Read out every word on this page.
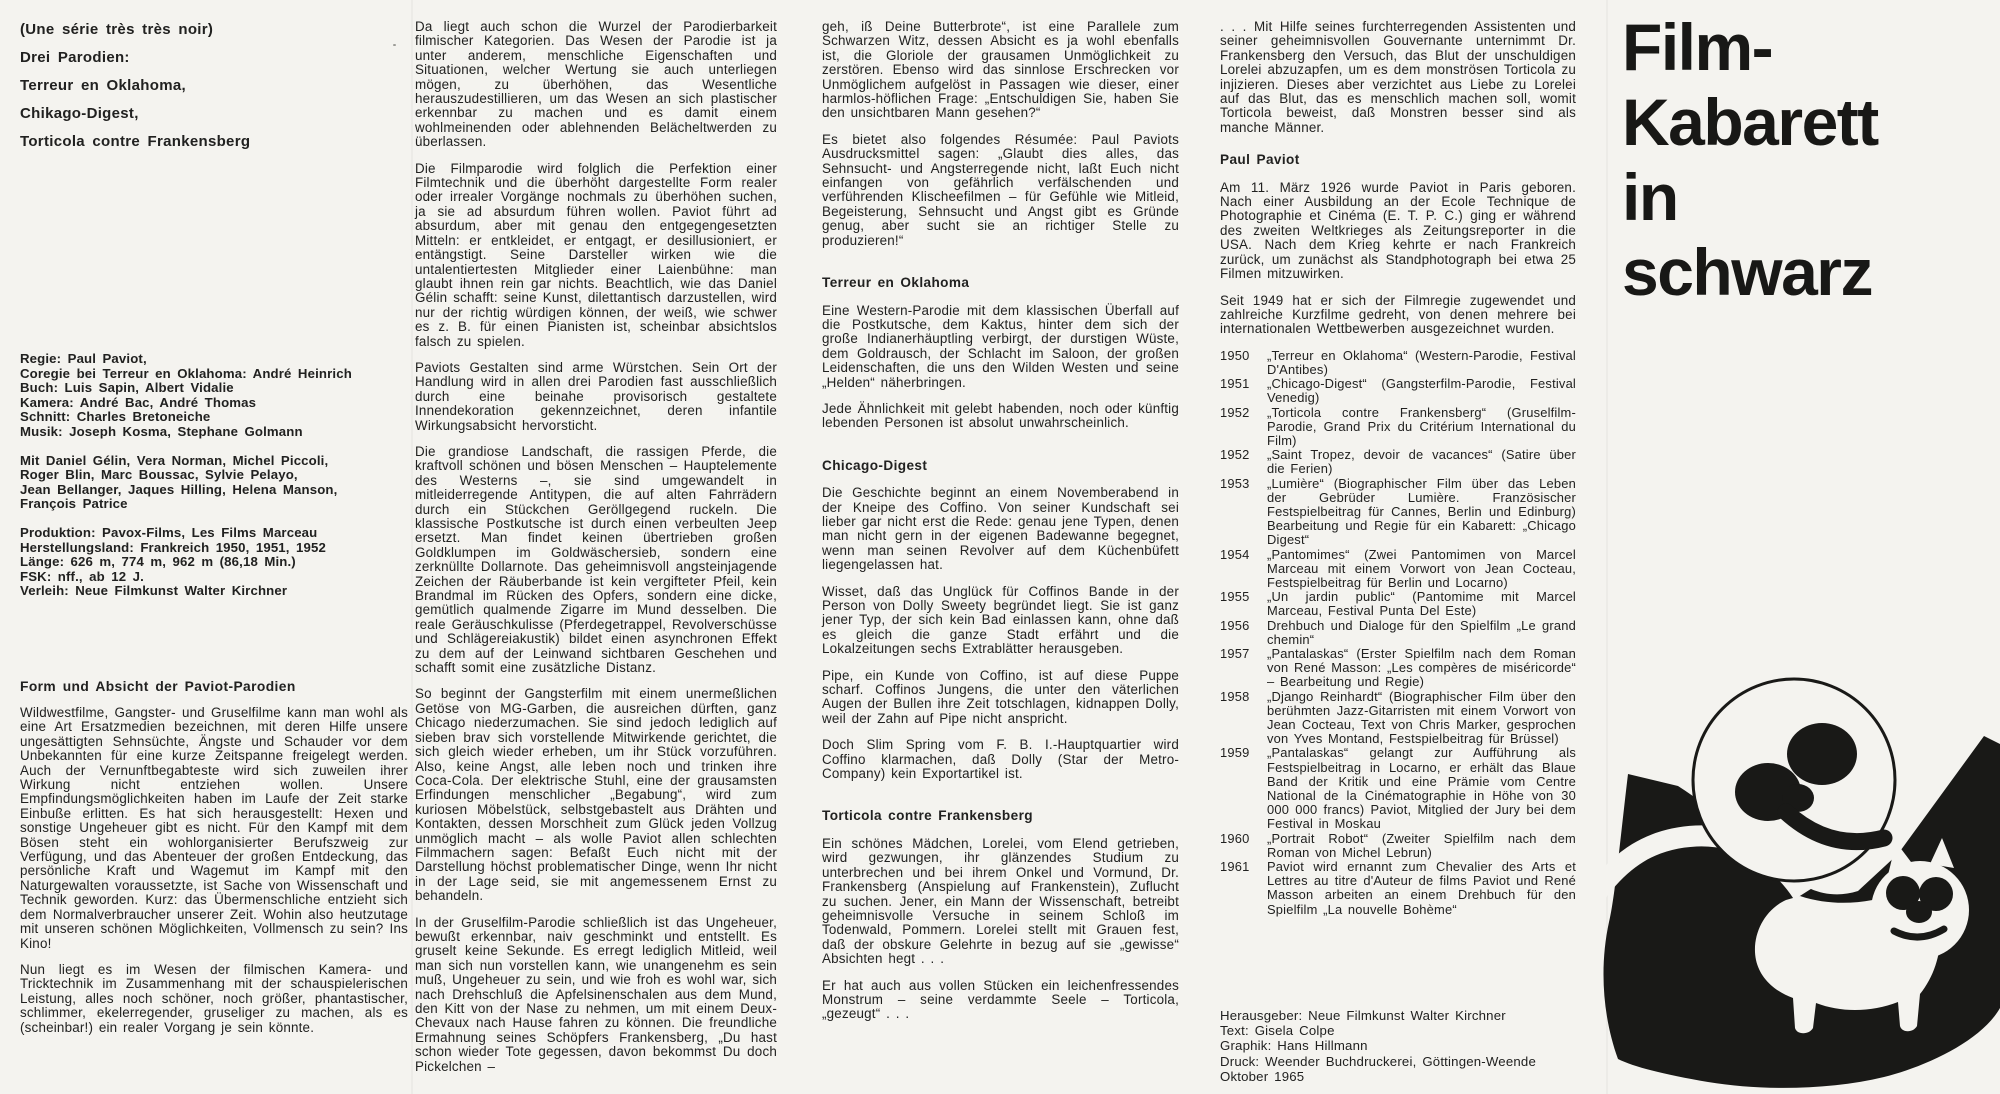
(Une série très très noir)
Drei Parodien:
Terreur en Oklahoma,
Chikago-Digest,
Torticola contre Frankensberg
Regie: Paul Paviot,
Coregie bei Terreur en Oklahoma: André Heinrich
Buch: Luis Sapin, Albert Vidalie
Kamera: André Bac, André Thomas
Schnitt: Charles Bretoneiche
Musik: Joseph Kosma, Stephane Golmann
Mit Daniel Gélin, Vera Norman, Michel Piccoli,
Roger Blin, Marc Boussac, Sylvie Pelayo,
Jean Bellanger, Jaques Hilling, Helena Manson,
François Patrice
Produktion: Pavox-Films, Les Films Marceau
Herstellungsland: Frankreich 1950, 1951, 1952
Länge: 626 m, 774 m, 962 m (86,18 Min.)
FSK: nff., ab 12 J.
Verleih: Neue Filmkunst Walter Kirchner
Form und Absicht der Paviot-Parodien

Wildwestfilme, Gangster- und Gruselfilme kann man wohl als eine Art Ersatzmedien bezeichnen, mit deren Hilfe unsere ungesättigten Sehnsüchte, Ängste und Schauder vor dem Unbekannten für eine kurze Zeitspanne freigelegt werden. Auch der Vernunftbegabteste wird sich zuweilen ihrer Wirkung nicht entziehen wollen. Unsere Empfindungsmöglichkeiten haben im Laufe der Zeit starke Einbuße erlitten. Es hat sich herausgestellt: Hexen und sonstige Ungeheuer gibt es nicht. Für den Kampf mit dem Bösen steht ein wohlorganisierter Berufszweig zur Verfügung, und das Abenteuer der großen Entdeckung, das persönliche Kraft und Wagemut im Kampf mit den Naturgewalten voraussetzte, ist Sache von Wissenschaft und Technik geworden. Kurz: das Übermenschliche entzieht sich dem Normalverbraucher unserer Zeit. Wohin also heutzutage mit unseren schönen Möglichkeiten, Vollmensch zu sein? Ins Kino!

Nun liegt es im Wesen der filmischen Kamera- und Tricktechnik im Zusammenhang mit der schauspielerischen Leistung, alles noch schöner, noch größer, phantastischer, schlimmer, ekelerregender, gruseliger zu machen, als es (scheinbar!) ein realer Vorgang je sein könnte.

Da liegt auch schon die Wurzel der Parodierbarkeit filmischer Kategorien. Das Wesen der Parodie ist ja unter anderem, menschliche Eigenschaften und Situationen, welcher Wertung sie auch unterliegen mögen, zu überhöhen, das Wesentliche herauszudestillieren, um das Wesen an sich plastischer erkennbar zu machen und es damit einem wohlmeinenden oder ablehnenden Belächeltwerden zu überlassen.

Die Filmparodie wird folglich die Perfektion einer Filmtechnik und die überhöht dargestellte Form realer oder irrealer Vorgänge nochmals zu überhöhen suchen, ja sie ad absurdum führen wollen. Paviot führt ad absurdum, aber mit genau den entgegengesetzten Mitteln: er entkleidet, er entgagt, er desillusioniert, er entängstigt. Seine Darsteller wirken wie die untalentiertesten Mitglieder einer Laienbühne: man glaubt ihnen rein gar nichts. Beachtlich, wie das Daniel Gélin schafft: seine Kunst, dilettantisch darzustellen, wird nur der richtig würdigen können, der weiß, wie schwer es z. B. für einen Pianisten ist, scheinbar absichtslos falsch zu spielen.

Paviots Gestalten sind arme Würstchen. Sein Ort der Handlung wird in allen drei Parodien fast ausschließlich durch eine beinahe provisorisch gestaltete Innendekoration gekennzeichnet, deren infantile Wirkungsabsicht hervorsticht.

Die grandiose Landschaft, die rassigen Pferde, die kraftvoll schönen und bösen Menschen – Hauptelemente des Westerns –, sie sind umgewandelt in mitleiderregende Antitypen, die auf alten Fahrrädern durch ein Stückchen Geröllgegend ruckeln. Die klassische Postkutsche ist durch einen verbeulten Jeep ersetzt. Man findet keinen übertrieben großen Goldklumpen im Goldwäschersieb, sondern eine zerknüllte Dollarnote. Das geheimnisvoll angsteinjagende Zeichen der Räuberbande ist kein vergifteter Pfeil, kein Brandmal im Rücken des Opfers, sondern eine dicke, gemütlich qualmende Zigarre im Mund desselben. Die reale Geräuschkulisse (Pferdegetrappel, Revolverschüsse und Schlägereiakustik) bildet einen asynchronen Effekt zu dem auf der Leinwand sichtbaren Geschehen und schafft somit eine zusätzliche Distanz.

So beginnt der Gangsterfilm mit einem unermeßlichen Getöse von MG-Garben, die ausreichen dürften, ganz Chicago niederzumachen. Sie sind jedoch lediglich auf sieben brav sich vorstellende Mitwirkende gerichtet, die sich gleich wieder erheben, um ihr Stück vorzuführen. Also, keine Angst, alle leben noch und trinken ihre Coca-Cola. Der elektrische Stuhl, eine der grausamsten Erfindungen menschlicher „Begabung“, wird zum kuriosen Möbelstück, selbstgebastelt aus Drähten und Kontakten, dessen Morschheit zum Glück jeden Vollzug unmöglich macht – als wolle Paviot allen schlechten Filmmachern sagen: Befaßt Euch nicht mit der Darstellung höchst problematischer Dinge, wenn Ihr nicht in der Lage seid, sie mit angemessenem Ernst zu behandeln.

In der Gruselfilm-Parodie schließlich ist das Ungeheuer, bewußt erkennbar, naiv geschminkt und entstellt. Es gruselt keine Sekunde. Es erregt lediglich Mitleid, weil man sich nun vorstellen kann, wie unangenehm es sein muß, Ungeheuer zu sein, und wie froh es wohl war, sich nach Drehschluß die Apfelsinenschalen aus dem Mund, den Kitt von der Nase zu nehmen, um mit einem Deux-Chevaux nach Hause fahren zu können. Die freundliche Ermahnung seines Schöpfers Frankensberg, „Du hast schon wieder Tote gegessen, davon bekommst Du doch Pickelchen –

geh, iß Deine Butterbrote“, ist eine Parallele zum Schwarzen Witz, dessen Absicht es ja wohl ebenfalls ist, die Gloriole der grausamen Unmöglichkeit zu zerstören. Ebenso wird das sinnlose Erschrecken vor Unmöglichem aufgelöst in Passagen wie dieser, einer harmlos-höflichen Frage: „Entschuldigen Sie, haben Sie den unsichtbaren Mann gesehen?“

Es bietet also folgendes Résumée: Paul Paviots Ausdrucksmittel sagen: „Glaubt dies alles, das Sehnsucht- und Angsterregende nicht, laßt Euch nicht einfangen von gefährlich verfälschenden und verführenden Klischeefilmen – für Gefühle wie Mitleid, Begeisterung, Sehnsucht und Angst gibt es Gründe genug, aber sucht sie an richtiger Stelle zu produzieren!“

Terreur en Oklahoma

Eine Western-Parodie mit dem klassischen Überfall auf die Postkutsche, dem Kaktus, hinter dem sich der große Indianerhäuptling verbirgt, der durstigen Wüste, dem Goldrausch, der Schlacht im Saloon, der großen Leidenschaften, die uns den Wilden Westen und seine „Helden“ näherbringen.

Jede Ähnlichkeit mit gelebt habenden, noch oder künftig lebenden Personen ist absolut unwahrscheinlich.

Chicago-Digest

Die Geschichte beginnt an einem Novemberabend in der Kneipe des Coffino. Von seiner Kundschaft sei lieber gar nicht erst die Rede: genau jene Typen, denen man nicht gern in der eigenen Badewanne begegnet, wenn man seinen Revolver auf dem Küchenbüfett liegengelassen hat.

Wisset, daß das Unglück für Coffinos Bande in der Person von Dolly Sweety begründet liegt. Sie ist ganz jener Typ, der sich kein Bad einlassen kann, ohne daß es gleich die ganze Stadt erfährt und die Lokalzeitungen sechs Extrablätter herausgeben.

Pipe, ein Kunde von Coffino, ist auf diese Puppe scharf. Coffinos Jungens, die unter den väterlichen Augen der Bullen ihre Zeit totschlagen, kidnappen Dolly, weil der Zahn auf Pipe nicht anspricht.

Doch Slim Spring vom F. B. I.-Hauptquartier wird Coffino klarmachen, daß Dolly (Star der Metro-Company) kein Exportartikel ist.

Torticola contre Frankensberg

Ein schönes Mädchen, Lorelei, vom Elend getrieben, wird gezwungen, ihr glänzendes Studium zu unterbrechen und bei ihrem Onkel und Vormund, Dr. Frankensberg (Anspielung auf Frankenstein), Zuflucht zu suchen. Jener, ein Mann der Wissenschaft, betreibt geheimnisvolle Versuche in seinem Schloß im Todenwald, Pommern. Lorelei stellt mit Grauen fest, daß der obskure Gelehrte in bezug auf sie „gewisse“ Absichten hegt . . .

Er hat auch aus vollen Stücken ein leichenfressendes Monstrum – seine verdammte Seele – Torticola, „gezeugt“ . . .

. . . Mit Hilfe seines furchterregenden Assistenten und seiner geheimnisvollen Gouvernante unternimmt Dr. Frankensberg den Versuch, das Blut der unschuldigen Lorelei abzuzapfen, um es dem monströsen Torticola zu injizieren. Dieses aber verzichtet aus Liebe zu Lorelei auf das Blut, das es menschlich machen soll, womit Torticola beweist, daß Monstren besser sind als manche Männer.

Paul Paviot

Am 11. März 1926 wurde Paviot in Paris geboren. Nach einer Ausbildung an der Ecole Technique de Photographie et Cinéma (E. T. P. C.) ging er während des zweiten Weltkrieges als Zeitungsreporter in die USA. Nach dem Krieg kehrte er nach Frankreich zurück, um zunächst als Standphotograph bei etwa 25 Filmen mitzuwirken.

Seit 1949 hat er sich der Filmregie zugewendet und zahlreiche Kurzfilme gedreht, von denen mehrere bei internationalen Wettbewerben ausgezeichnet wurden.

1950	„Terreur en Oklahoma“ (Western-Parodie, Festival D'Antibes)
1951	„Chicago-Digest“ (Gangsterfilm-Parodie, Festival Venedig)
1952	„Torticola contre Frankensberg“ (Gruselfilm-Parodie, Grand Prix du Critérium International du Film)
1952	„Saint Tropez, devoir de vacances“ (Satire über die Ferien)
1953	„Lumière“ (Biographischer Film über das Leben der Gebrüder Lumière. Französischer Festspielbeitrag für Cannes, Berlin und Edinburg) Bearbeitung und Regie für ein Kabarett: „Chicago Digest“
1954	„Pantomimes“ (Zwei Pantomimen von Marcel Marceau mit einem Vorwort von Jean Cocteau, Festspielbeitrag für Berlin und Locarno)
1955	„Un jardin public“ (Pantomime mit Marcel Marceau, Festival Punta Del Este)
1956	Drehbuch und Dialoge für den Spielfilm „Le grand chemin“
1957	„Pantalaskas“ (Erster Spielfilm nach dem Roman von René Masson: „Les compères de miséricorde“ – Bearbeitung und Regie)
1958	„Django Reinhardt“ (Biographischer Film über den berühmten Jazz-Gitarristen mit einem Vorwort von Jean Cocteau, Text von Chris Marker, gesprochen von Yves Montand, Festspielbeitrag für Brüssel)
1959	„Pantalaskas“ gelangt zur Aufführung als Festspielbeitrag in Locarno, er erhält das Blaue Band der Kritik und eine Prämie vom Centre National de la Cinématographie in Höhe von 30 000 000 francs) Paviot, Mitglied der Jury bei dem Festival in Moskau
1960	„Portrait Robot“ (Zweiter Spielfilm nach dem Roman von Michel Lebrun)
1961	Paviot wird ernannt zum Chevalier des Arts et Lettres au titre d'Auteur de films Paviot und René Masson arbeiten an einem Drehbuch für den Spielfilm „La nouvelle Bohème“
Herausgeber: Neue Filmkunst Walter Kirchner
Text: Gisela Colpe
Graphik: Hans Hillmann
Druck: Weender Buchdruckerei, Göttingen-Weende
Oktober 1965
Film-
Kabarett
in
schwarz
